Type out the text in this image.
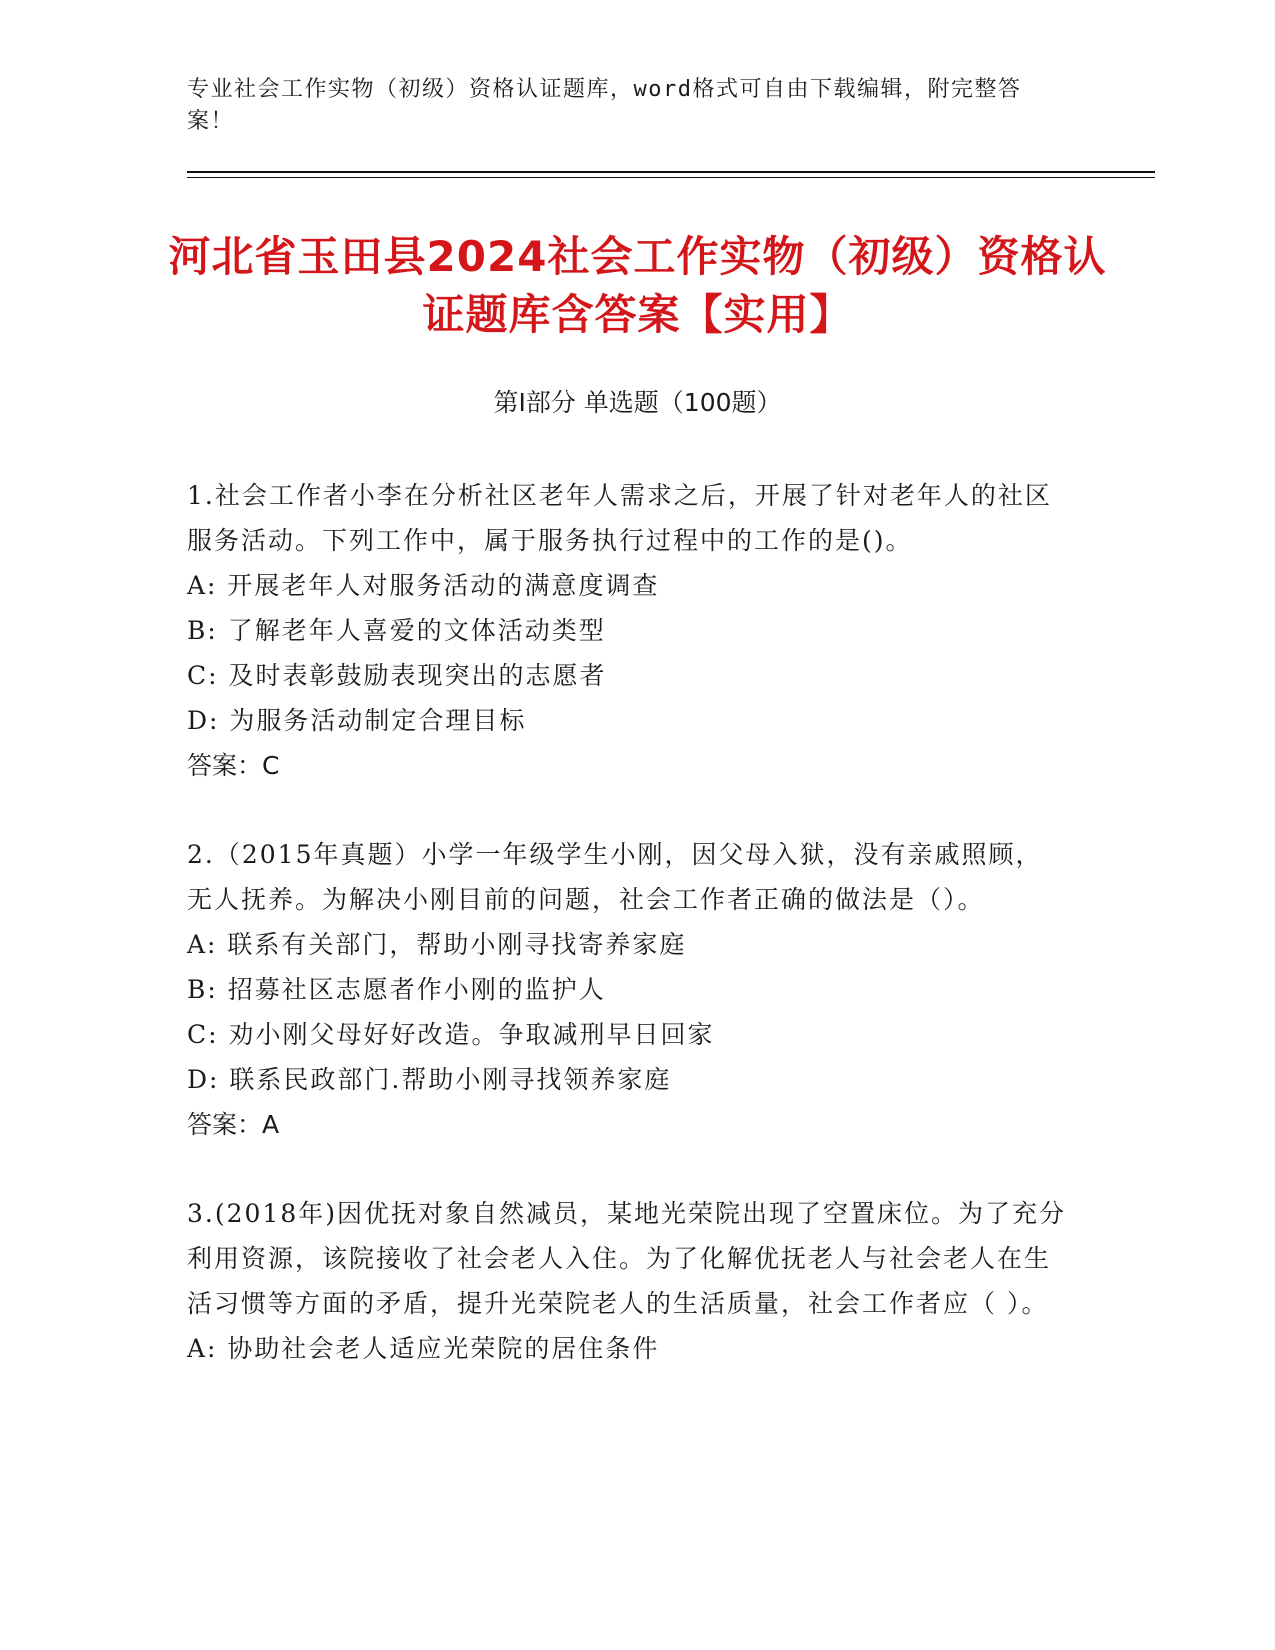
专业社会工作实物（初级）资格认证题库，word格式可自由下载编辑，附完整答案！
河北省玉田县2024社会工作实物（初级）资格认证题库含答案【实用】
第Ⅰ部分 单选题（100题）

1.社会工作者小李在分析社区老年人需求之后，开展了针对老年人的社区服务活动。下列工作中，属于服务执行过程中的工作的是()。

A: 开展老年人对服务活动的满意度调查

B: 了解老年人喜爱的文体活动类型

C: 及时表彰鼓励表现突出的志愿者

D: 为服务活动制定合理目标

答案：C

2.（2015年真题）小学一年级学生小刚，因父母入狱，没有亲戚照顾，无人抚养。为解决小刚目前的问题，社会工作者正确的做法是（）。

A: 联系有关部门，帮助小刚寻找寄养家庭

B: 招募社区志愿者作小刚的监护人

C: 劝小刚父母好好改造。争取减刑早日回家

D: 联系民政部门.帮助小刚寻找领养家庭

答案：A

3.(2018年)因优抚对象自然减员，某地光荣院出现了空置床位。为了充分利用资源，该院接收了社会老人入住。为了化解优抚老人与社会老人在生活习惯等方面的矛盾，提升光荣院老人的生活质量，社会工作者应（ ）。

A: 协助社会老人适应光荣院的居住条件
